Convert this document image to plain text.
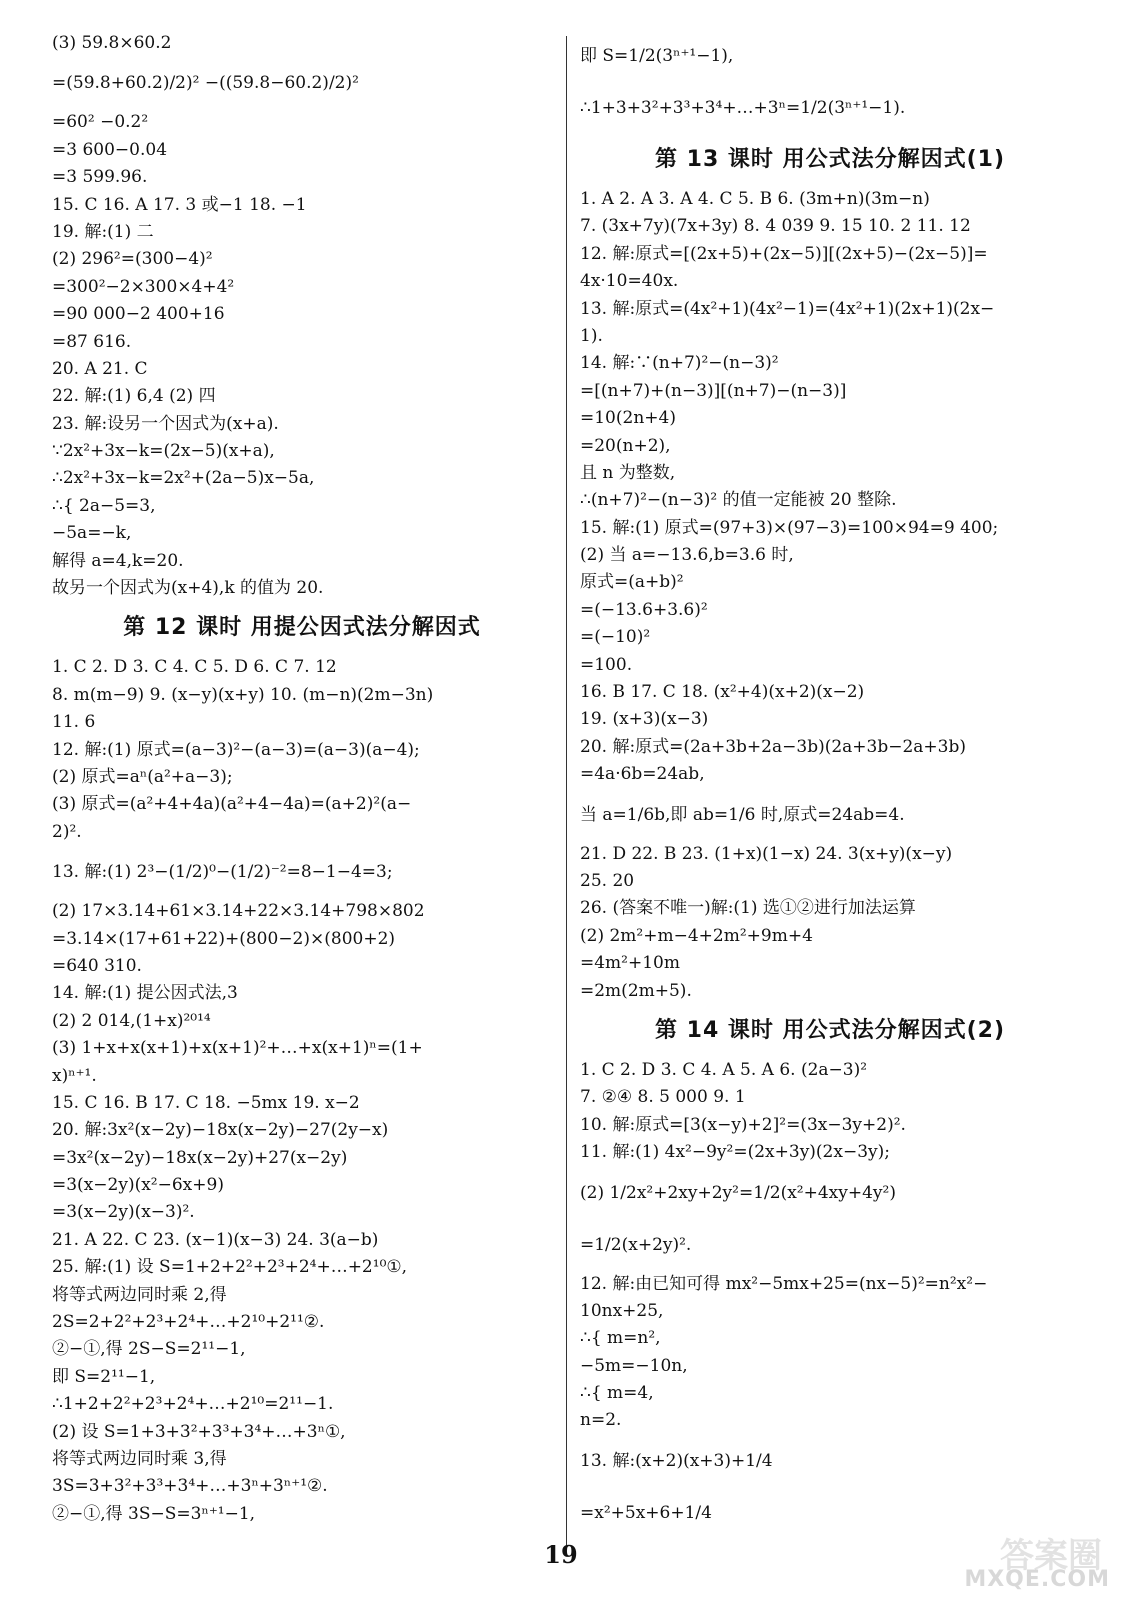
(3) 59.8×60.2
=(59.8+60.2)/2)² −((59.8−60.2)/2)²
=60² −0.2²
=3 600−0.04
=3 599.96.
15. C 16. A 17. 3 或−1 18. −1
19. 解:(1) 二
(2) 296²=(300−4)²
=300²−2×300×4+4²
=90 000−2 400+16
=87 616.
20. A 21. C
22. 解:(1) 6,4 (2) 四
23. 解:设另一个因式为(x+a).
∵2x²+3x−k=(2x−5)(x+a),
∴2x²+3x−k=2x²+(2a−5)x−5a,
∴{ 2a−5=3,
−5a=−k,
解得 a=4,k=20.
故另一个因式为(x+4),k 的值为 20.
第 12 课时 用提公因式法分解因式
1. C 2. D 3. C 4. C 5. D 6. C 7. 12
8. m(m−9) 9. (x−y)(x+y) 10. (m−n)(2m−3n)
11. 6
12. 解:(1) 原式=(a−3)²−(a−3)=(a−3)(a−4);
(2) 原式=aⁿ(a²+a−3);
(3) 原式=(a²+4+4a)(a²+4−4a)=(a+2)²(a−
2)².
13. 解:(1) 2³−(1/2)⁰−(1/2)⁻²=8−1−4=3;
(2) 17×3.14+61×3.14+22×3.14+798×802
=3.14×(17+61+22)+(800−2)×(800+2)
=640 310.
14. 解:(1) 提公因式法,3
(2) 2 014,(1+x)²⁰¹⁴
(3) 1+x+x(x+1)+x(x+1)²+…+x(x+1)ⁿ=(1+
x)ⁿ⁺¹.
15. C 16. B 17. C 18. −5mx 19. x−2
20. 解:3x²(x−2y)−18x(x−2y)−27(2y−x)
=3x²(x−2y)−18x(x−2y)+27(x−2y)
=3(x−2y)(x²−6x+9)
=3(x−2y)(x−3)².
21. A 22. C 23. (x−1)(x−3) 24. 3(a−b)
25. 解:(1) 设 S=1+2+2²+2³+2⁴+…+2¹⁰①,
将等式两边同时乘 2,得
2S=2+2²+2³+2⁴+…+2¹⁰+2¹¹②.
②−①,得 2S−S=2¹¹−1,
即 S=2¹¹−1,
∴1+2+2²+2³+2⁴+…+2¹⁰=2¹¹−1.
(2) 设 S=1+3+3²+3³+3⁴+…+3ⁿ①,
将等式两边同时乘 3,得
3S=3+3²+3³+3⁴+…+3ⁿ+3ⁿ⁺¹②.
②−①,得 3S−S=3ⁿ⁺¹−1,
即 S=1/2(3ⁿ⁺¹−1),
∴1+3+3²+3³+3⁴+…+3ⁿ=1/2(3ⁿ⁺¹−1).
第 13 课时 用公式法分解因式(1)
1. A 2. A 3. A 4. C 5. B 6. (3m+n)(3m−n)
7. (3x+7y)(7x+3y) 8. 4 039 9. 15 10. 2 11. 12
12. 解:原式=[(2x+5)+(2x−5)][(2x+5)−(2x−5)]=
4x·10=40x.
13. 解:原式=(4x²+1)(4x²−1)=(4x²+1)(2x+1)(2x−
1).
14. 解:∵(n+7)²−(n−3)²
=[(n+7)+(n−3)][(n+7)−(n−3)]
=10(2n+4)
=20(n+2),
且 n 为整数,
∴(n+7)²−(n−3)² 的值一定能被 20 整除.
15. 解:(1) 原式=(97+3)×(97−3)=100×94=9 400;
(2) 当 a=−13.6,b=3.6 时,
原式=(a+b)²
=(−13.6+3.6)²
=(−10)²
=100.
16. B 17. C 18. (x²+4)(x+2)(x−2)
19. (x+3)(x−3)
20. 解:原式=(2a+3b+2a−3b)(2a+3b−2a+3b)
=4a·6b=24ab,
当 a=1/6b,即 ab=1/6 时,原式=24ab=4.
21. D 22. B 23. (1+x)(1−x) 24. 3(x+y)(x−y)
25. 20
26. (答案不唯一)解:(1) 选①②进行加法运算
(2) 2m²+m−4+2m²+9m+4
=4m²+10m
=2m(2m+5).
第 14 课时 用公式法分解因式(2)
1. C 2. D 3. C 4. A 5. A 6. (2a−3)²
7. ②④ 8. 5 000 9. 1
10. 解:原式=[3(x−y)+2]²=(3x−3y+2)².
11. 解:(1) 4x²−9y²=(2x+3y)(2x−3y);
(2) 1/2x²+2xy+2y²=1/2(x²+4xy+4y²)
=1/2(x+2y)².
12. 解:由已知可得 mx²−5mx+25=(nx−5)²=n²x²−
10nx+25,
∴{ m=n²,
−5m=−10n,
∴{ m=4,
n=2.
13. 解:(x+2)(x+3)+1/4
=x²+5x+6+1/4
19	答案圈
MXQE.COM
